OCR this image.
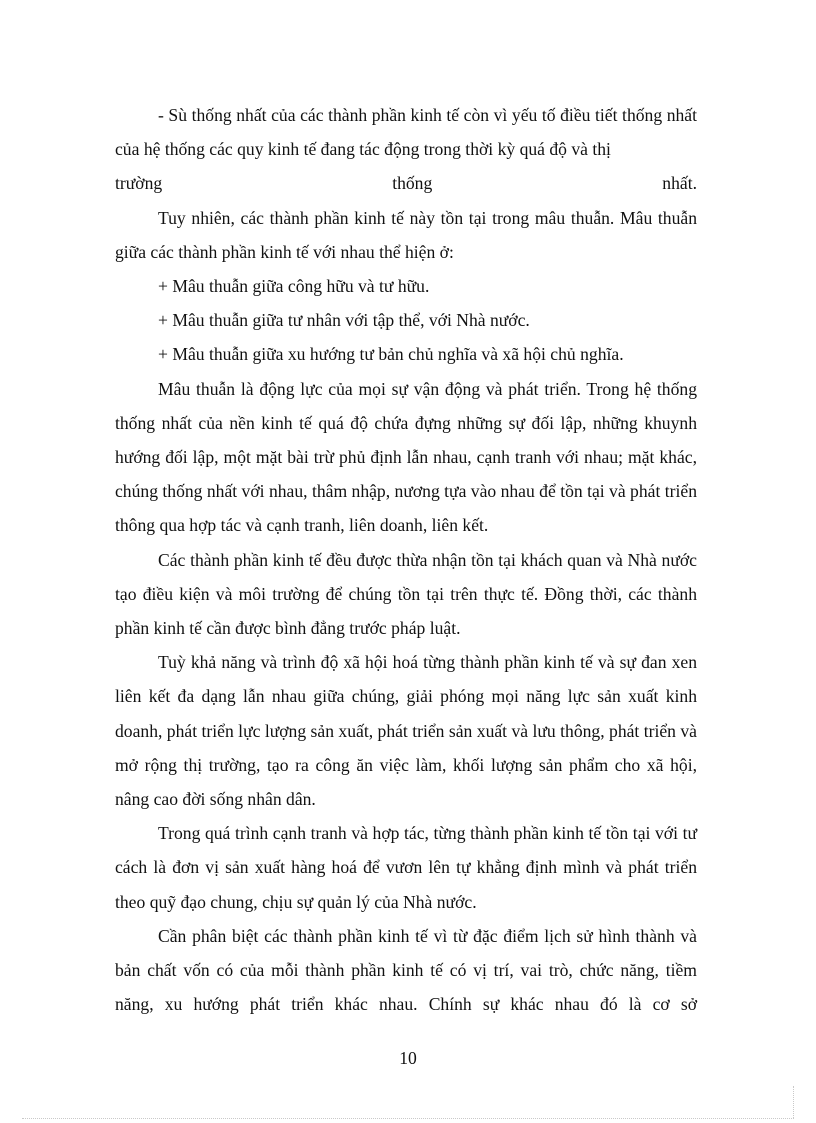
- Sù thống nhất của các thành phần kinh tế còn vì yếu tố điều tiết thống nhất của hệ thống các quy kinh tế đang tác động trong thời kỳ quá độ và thị

trường	thống	nhất.

Tuy nhiên, các thành phần kinh tế này tồn tại trong mâu thuẫn. Mâu thuẫn giữa các thành phần kinh tế với nhau thể hiện ở:

+ Mâu thuẫn giữa công hữu và tư hữu.

+ Mâu thuẫn giữa tư nhân với tập thể, với Nhà nước.

+ Mâu thuẫn giữa xu hướng tư bản chủ nghĩa và xã hội chủ nghĩa.

Mâu thuẫn là động lực của mọi sự vận động và phát triển. Trong hệ thống thống nhất của nền kinh tế quá độ chứa đựng những sự đối lập, những khuynh hướng đối lập, một mặt bài trừ phủ định lẫn nhau, cạnh tranh với nhau; mặt khác, chúng thống nhất với nhau, thâm nhập, nương tựa vào nhau để tồn tại và phát triển thông qua hợp tác và cạnh tranh, liên doanh, liên kết.

Các thành phần kinh tế đều được thừa nhận tồn tại khách quan và Nhà nước tạo điều kiện và môi trường để chúng tồn tại trên thực tế. Đồng thời, các thành phần kinh tế cần được bình đẳng trước pháp luật.

Tuỳ khả năng và trình độ xã hội hoá từng thành phần kinh tế và sự đan xen liên kết đa dạng lẫn nhau giữa chúng, giải phóng mọi năng lực sản xuất kinh doanh, phát triển lực lượng sản xuất, phát triển sản xuất và lưu thông, phát triển và mở rộng thị trường, tạo ra công ăn việc làm, khối lượng sản phẩm cho xã hội, nâng cao đời sống nhân dân.

Trong quá trình cạnh tranh và hợp tác, từng thành phần kinh tế tồn tại với tư cách là đơn vị sản xuất hàng hoá để vươn lên tự khẳng định mình và phát triển theo quỹ đạo chung, chịu sự quản lý của Nhà nước.

Cần phân biệt các thành phần kinh tế vì từ đặc điểm lịch sử hình thành và bản chất vốn có của mỗi thành phần kinh tế có vị trí, vai trò, chức năng, tiềm năng, xu hướng phát triển khác nhau. Chính sự khác nhau đó là cơ sở

10
